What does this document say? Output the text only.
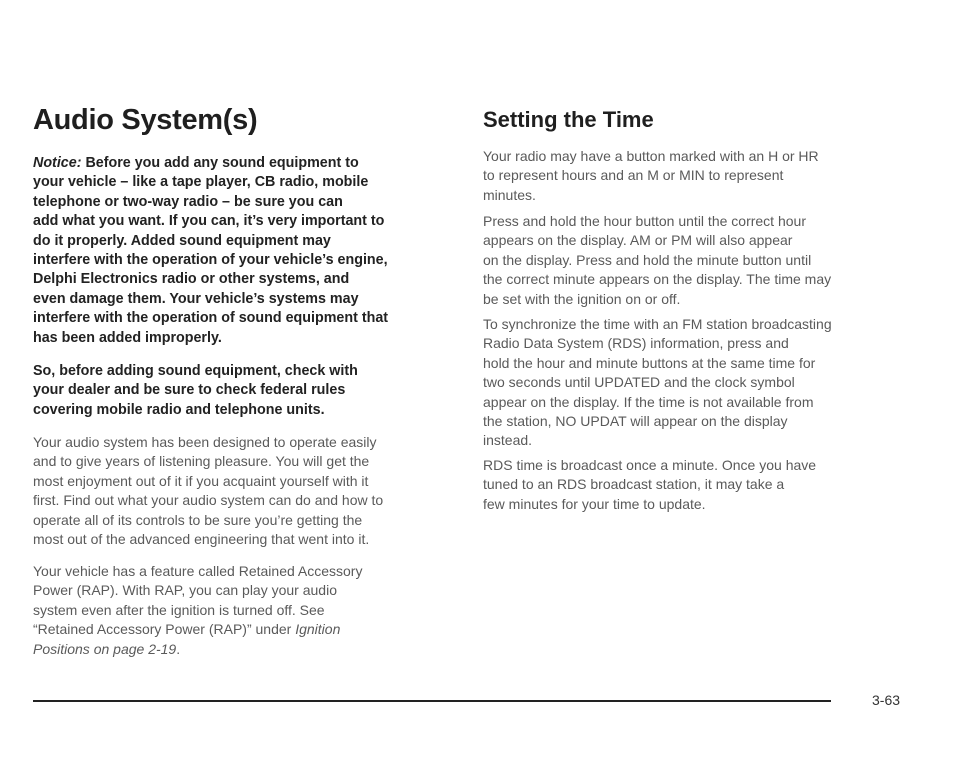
Audio System(s)
Notice: Before you add any sound equipment to
your vehicle – like a tape player, CB radio, mobile
telephone or two-way radio – be sure you can
add what you want. If you can, it’s very important to
do it properly. Added sound equipment may
interfere with the operation of your vehicle’s engine,
Delphi Electronics radio or other systems, and
even damage them. Your vehicle’s systems may
interfere with the operation of sound equipment that
has been added improperly.
So, before adding sound equipment, check with
your dealer and be sure to check federal rules
covering mobile radio and telephone units.
Your audio system has been designed to operate easily
and to give years of listening pleasure. You will get the
most enjoyment out of it if you acquaint yourself with it
first. Find out what your audio system can do and how to
operate all of its controls to be sure you’re getting the
most out of the advanced engineering that went into it.
Your vehicle has a feature called Retained Accessory
Power (RAP). With RAP, you can play your audio
system even after the ignition is turned off. See
“Retained Accessory Power (RAP)” under Ignition
Positions on page 2-19.
Setting the Time
Your radio may have a button marked with an H or HR
to represent hours and an M or MIN to represent
minutes.
Press and hold the hour button until the correct hour
appears on the display. AM or PM will also appear
on the display. Press and hold the minute button until
the correct minute appears on the display. The time may
be set with the ignition on or off.
To synchronize the time with an FM station broadcasting
Radio Data System (RDS) information, press and
hold the hour and minute buttons at the same time for
two seconds until UPDATED and the clock symbol
appear on the display. If the time is not available from
the station, NO UPDAT will appear on the display
instead.
RDS time is broadcast once a minute. Once you have
tuned to an RDS broadcast station, it may take a
few minutes for your time to update.
3-63
